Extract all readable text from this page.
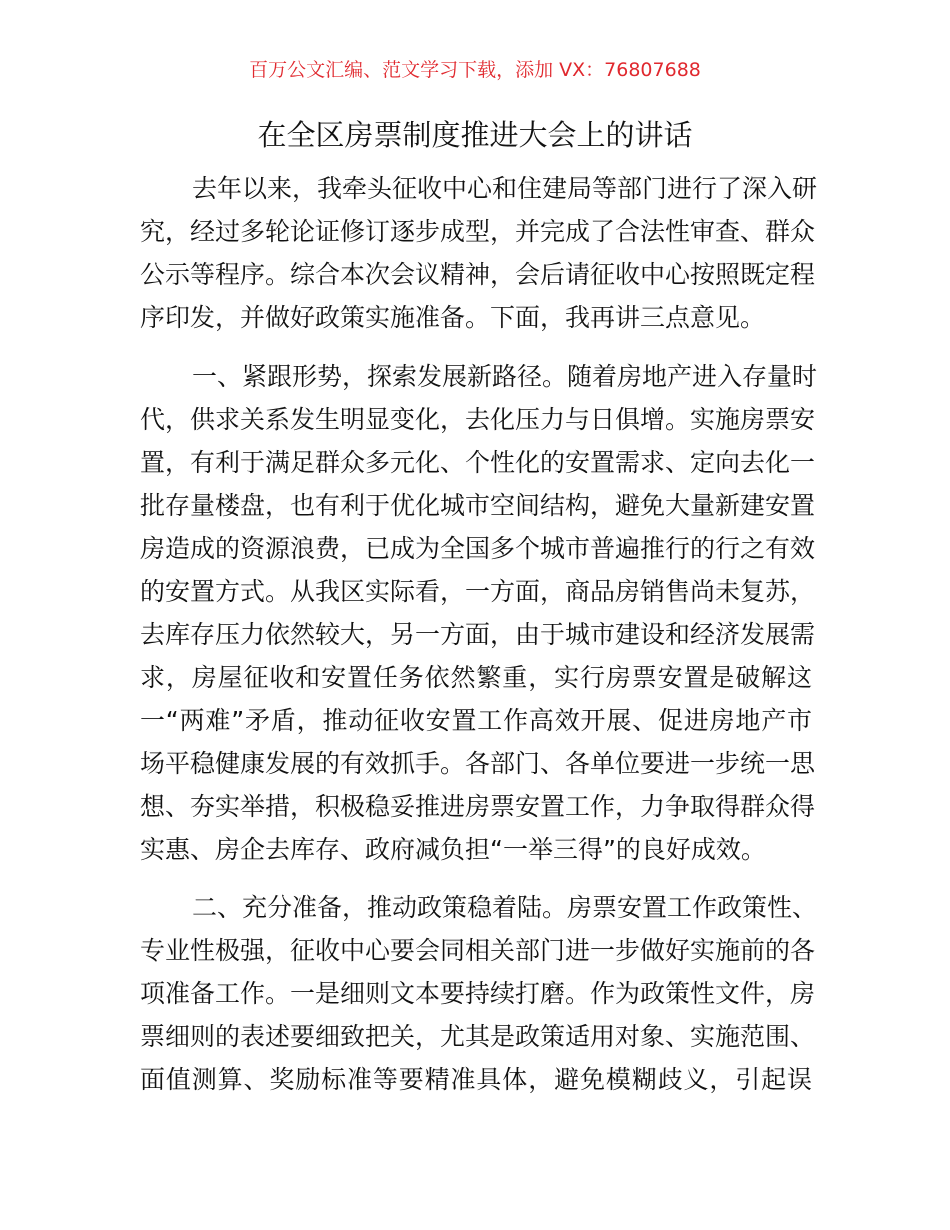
百万公文汇编、范文学习下载，添加 VX：76807688
在全区房票制度推进大会上的讲话
去年以来，我牵头征收中心和住建局等部门进行了深入研
究，经过多轮论证修订逐步成型，并完成了合法性审查、群众
公示等程序。综合本次会议精神，会后请征收中心按照既定程
序印发，并做好政策实施准备。下面，我再讲三点意见。
一、紧跟形势，探索发展新路径。随着房地产进入存量时
代，供求关系发生明显变化，去化压力与日俱增。实施房票安
置，有利于满足群众多元化、个性化的安置需求、定向去化一
批存量楼盘，也有利于优化城市空间结构，避免大量新建安置
房造成的资源浪费，已成为全国多个城市普遍推行的行之有效
的安置方式。从我区实际看，一方面，商品房销售尚未复苏，
去库存压力依然较大，另一方面，由于城市建设和经济发展需
求，房屋征收和安置任务依然繁重，实行房票安置是破解这
一“两难”矛盾，推动征收安置工作高效开展、促进房地产市
场平稳健康发展的有效抓手。各部门、各单位要进一步统一思
想、夯实举措，积极稳妥推进房票安置工作，力争取得群众得
实惠、房企去库存、政府减负担“一举三得”的良好成效。
二、充分准备，推动政策稳着陆。房票安置工作政策性、
专业性极强，征收中心要会同相关部门进一步做好实施前的各
项准备工作。一是细则文本要持续打磨。作为政策性文件，房
票细则的表述要细致把关，尤其是政策适用对象、实施范围、
面值测算、奖励标准等要精准具体，避免模糊歧义，引起误
